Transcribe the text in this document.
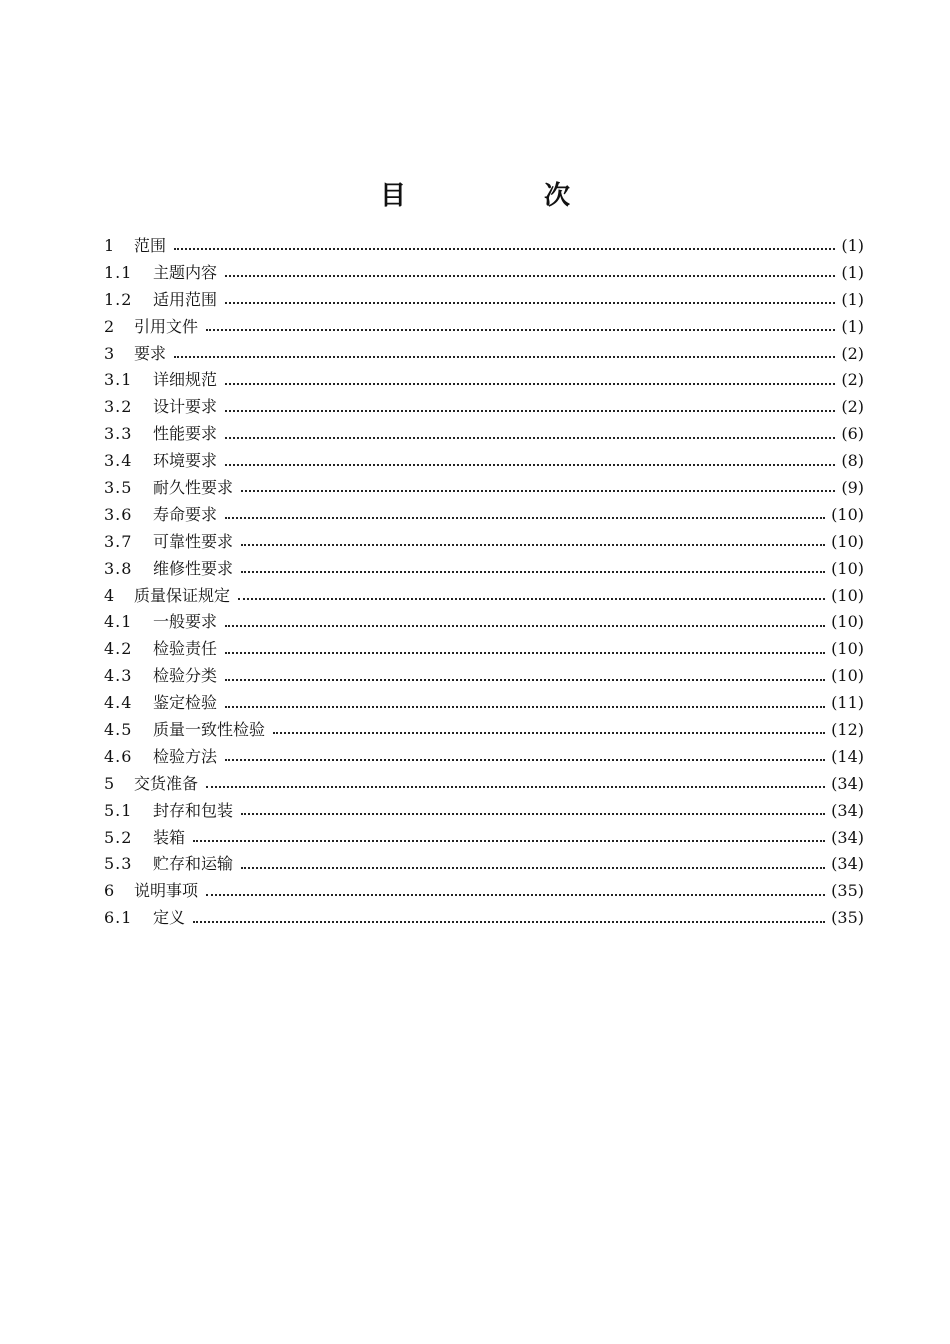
目　次
1	范围	(1)
1.1	主题内容	(1)
1.2	适用范围	(1)
2	引用文件	(1)
3	要求	(2)
3.1	详细规范	(2)
3.2	设计要求	(2)
3.3	性能要求	(6)
3.4	环境要求	(8)
3.5	耐久性要求	(9)
3.6	寿命要求	(10)
3.7	可靠性要求	(10)
3.8	维修性要求	(10)
4	质量保证规定	(10)
4.1	一般要求	(10)
4.2	检验责任	(10)
4.3	检验分类	(10)
4.4	鉴定检验	(11)
4.5	质量一致性检验	(12)
4.6	检验方法	(14)
5	交货准备	(34)
5.1	封存和包装	(34)
5.2	装箱	(34)
5.3	贮存和运输	(34)
6	说明事项	(35)
6.1	定义	(35)
